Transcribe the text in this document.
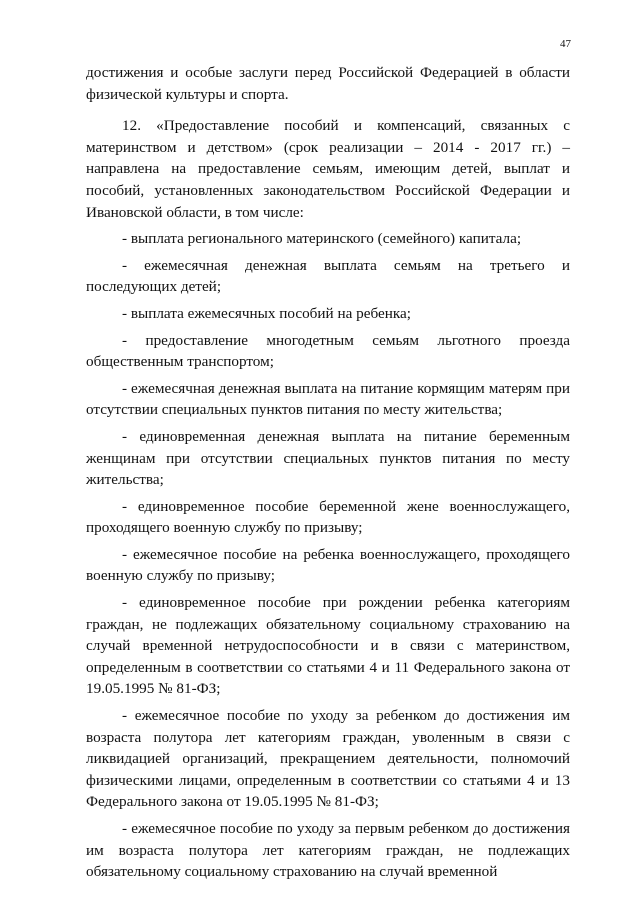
47

достижения и особые заслуги перед Российской Федерацией в области физической культуры и спорта.

12. «Предоставление пособий и компенсаций, связанных с материнством и детством» (срок реализации – 2014 - 2017 гг.) – направлена на предоставление семьям, имеющим детей, выплат и пособий, установленных законодательством Российской Федерации и Ивановской области, в том числе:

- выплата регионального материнского (семейного) капитала;

- ежемесячная денежная выплата семьям на третьего и последующих детей;

- выплата ежемесячных пособий на ребенка;

- предоставление многодетным семьям льготного проезда общественным транспортом;

- ежемесячная денежная выплата на питание кормящим матерям при отсутствии специальных пунктов питания по месту жительства;

- единовременная денежная выплата на питание беременным женщинам при отсутствии специальных пунктов питания по месту жительства;

- единовременное пособие беременной жене военнослужащего, проходящего военную службу по призыву;

- ежемесячное пособие на ребенка военнослужащего, проходящего военную службу по призыву;

- единовременное пособие при рождении ребенка категориям граждан, не подлежащих обязательному социальному страхованию на случай временной нетрудоспособности и в связи с материнством, определенным в соответствии со статьями 4 и 11 Федерального закона от 19.05.1995 № 81-ФЗ;

- ежемесячное пособие по уходу за ребенком до достижения им возраста полутора лет категориям граждан, уволенным в связи с ликвидацией организаций, прекращением деятельности, полномочий физическими лицами, определенным в соответствии со статьями 4 и 13 Федерального закона от 19.05.1995 № 81-ФЗ;

- ежемесячное пособие по уходу за первым ребенком до достижения им возраста полутора лет категориям граждан, не подлежащих обязательному социальному страхованию на случай временной
